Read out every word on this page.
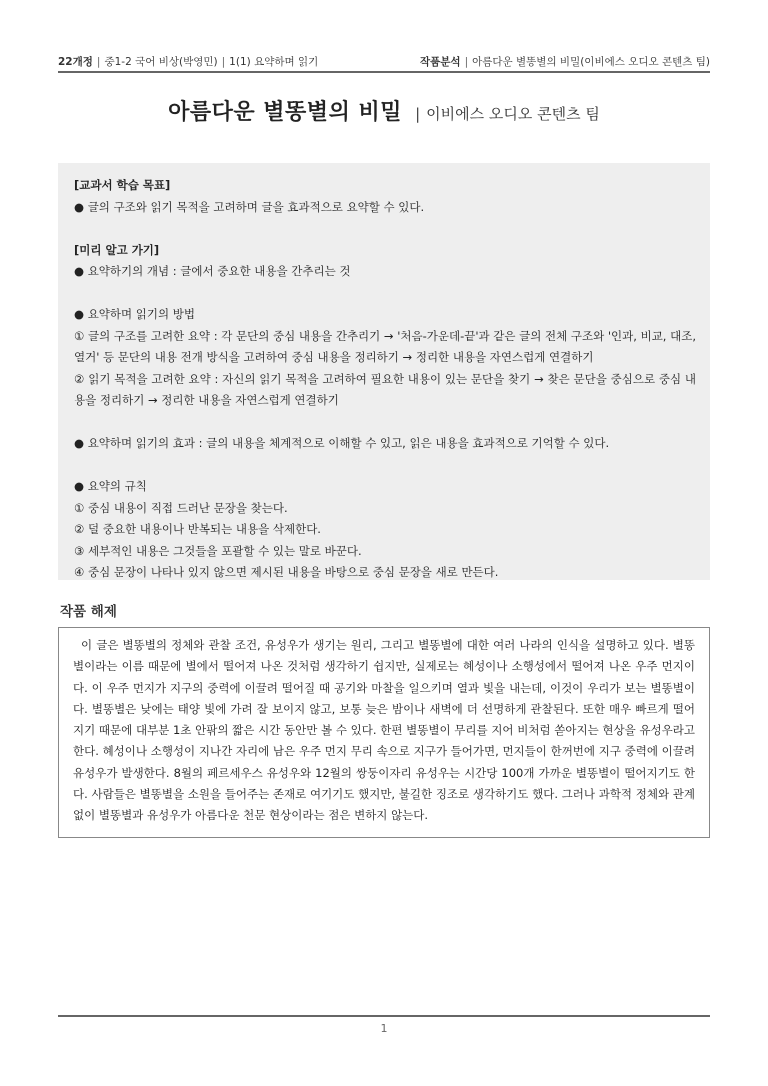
22개정 | 중1-2 국어 비상(박영민) | 1(1) 요약하며 읽기	작품분석 | 아름다운 별똥별의 비밀(이비에스 오디오 콘텐츠 팀)
아름다운 별똥별의 비밀 | 이비에스 오디오 콘텐츠 팀

[교과서 학습 목표]

● 글의 구조와 읽기 목적을 고려하며 글을 효과적으로 요약할 수 있다.

[미리 알고 가기]

● 요약하기의 개념 : 글에서 중요한 내용을 간추리는 것

● 요약하며 읽기의 방법

① 글의 구조를 고려한 요약 : 각 문단의 중심 내용을 간추리기 → '처음-가운데-끝'과 같은 글의 전체 구조와 '인과, 비교, 대조, 열거' 등 문단의 내용 전개 방식을 고려하여 중심 내용을 정리하기 → 정리한 내용을 자연스럽게 연결하기

② 읽기 목적을 고려한 요약 : 자신의 읽기 목적을 고려하여 필요한 내용이 있는 문단을 찾기 → 찾은 문단을 중심으로 중심 내용을 정리하기 → 정리한 내용을 자연스럽게 연결하기

● 요약하며 읽기의 효과 : 글의 내용을 체계적으로 이해할 수 있고, 읽은 내용을 효과적으로 기억할 수 있다.

● 요약의 규칙

① 중심 내용이 직접 드러난 문장을 찾는다.

② 덜 중요한 내용이나 반복되는 내용을 삭제한다.

③ 세부적인 내용은 그것들을 포괄할 수 있는 말로 바꾼다.

④ 중심 문장이 나타나 있지 않으면 제시된 내용을 바탕으로 중심 문장을 새로 만든다.

작품 해제

이 글은 별똥별의 정체와 관찰 조건, 유성우가 생기는 원리, 그리고 별똥별에 대한 여러 나라의 인식을 설명하고 있다. 별똥별이라는 이름 때문에 별에서 떨어져 나온 것처럼 생각하기 쉽지만, 실제로는 혜성이나 소행성에서 떨어져 나온 우주 먼지이다. 이 우주 먼지가 지구의 중력에 이끌려 떨어질 때 공기와 마찰을 일으키며 열과 빛을 내는데, 이것이 우리가 보는 별똥별이다. 별똥별은 낮에는 태양 빛에 가려 잘 보이지 않고, 보통 늦은 밤이나 새벽에 더 선명하게 관찰된다. 또한 매우 빠르게 떨어지기 때문에 대부분 1초 안팎의 짧은 시간 동안만 볼 수 있다. 한편 별똥별이 무리를 지어 비처럼 쏟아지는 현상을 유성우라고 한다. 혜성이나 소행성이 지나간 자리에 남은 우주 먼지 무리 속으로 지구가 들어가면, 먼지들이 한꺼번에 지구 중력에 이끌려 유성우가 발생한다. 8월의 페르세우스 유성우와 12월의 쌍둥이자리 유성우는 시간당 100개 가까운 별똥별이 떨어지기도 한다. 사람들은 별똥별을 소원을 들어주는 존재로 여기기도 했지만, 불길한 징조로 생각하기도 했다. 그러나 과학적 정체와 관계없이 별똥별과 유성우가 아름다운 천문 현상이라는 점은 변하지 않는다.

1
